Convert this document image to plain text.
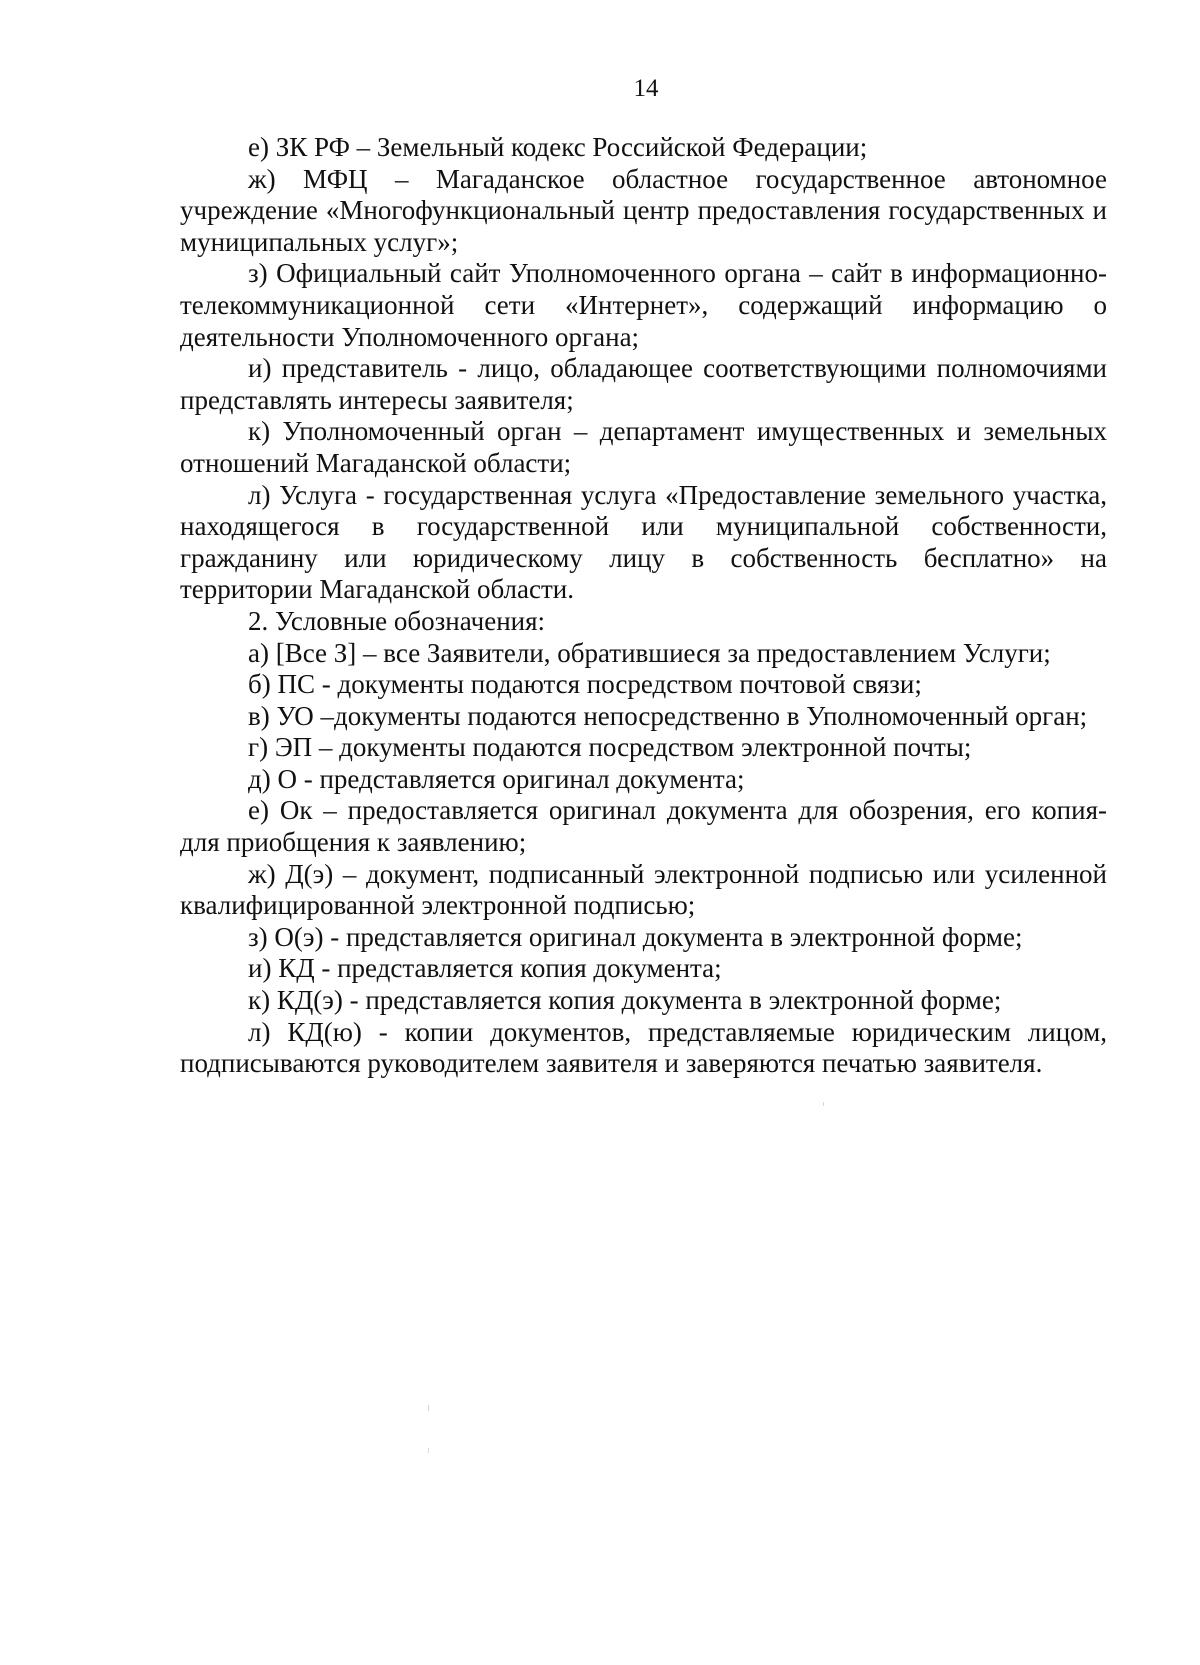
14

е) ЗК РФ – Земельный кодекс Российской Федерации;

ж) МФЦ – Магаданское областное государственное автономное учреждение «Многофункциональный центр предоставления государственных и муниципальных услуг»;

з) Официальный сайт Уполномоченного органа – сайт в информационно-телекоммуникационной сети «Интернет», содержащий информацию о деятельности Уполномоченного органа;

и) представитель - лицо, обладающее соответствующими полномочиями представлять интересы заявителя;

к) Уполномоченный орган – департамент имущественных и земельных отношений Магаданской области;

л) Услуга - государственная услуга «Предоставление земельного участка, находящегося в государственной или муниципальной собственности, гражданину или юридическому лицу в собственность бесплатно» на территории Магаданской области.

2. Условные обозначения:

а) [Все З] – все Заявители, обратившиеся за предоставлением Услуги;

б) ПС - документы подаются посредством почтовой связи;

в) УО –документы подаются непосредственно в Уполномоченный орган;

г) ЭП – документы подаются посредством электронной почты;

д) О - представляется оригинал документа;

е) Ок – предоставляется оригинал документа для обозрения, его копия-для приобщения к заявлению;

ж) Д(э) – документ, подписанный электронной подписью или усиленной квалифицированной электронной подписью;

з) О(э) - представляется оригинал документа в электронной форме;

и) КД - представляется копия документа;

к) КД(э) - представляется копия документа в электронной форме;

л) КД(ю) - копии документов, представляемые юридическим лицом, подписываются руководителем заявителя и заверяются печатью заявителя.
